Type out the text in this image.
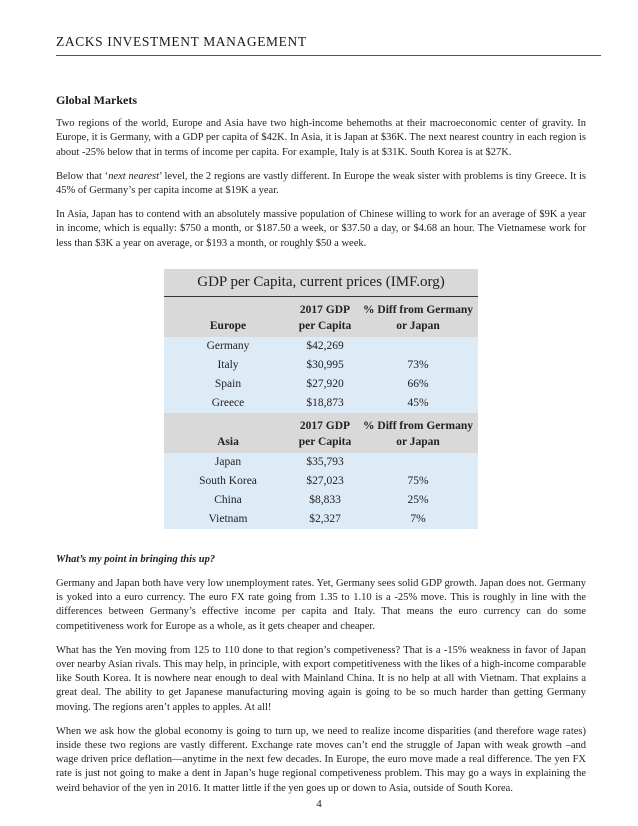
ZACKS INVESTMENT MANAGEMENT
Global Markets

Two regions of the world, Europe and Asia have two high-income behemoths at their macroeconomic center of gravity. In Europe, it is Germany, with a GDP per capita of $42K. In Asia, it is Japan at $36K. The next nearest country in each region is about -25% below that in terms of income per capita. For example, Italy is at $31K. South Korea is at $27K.

Below that ‘next nearest’ level, the 2 regions are vastly different. In Europe the weak sister with problems is tiny Greece. It is 45% of Germany’s per capita income at $19K a year.

In Asia, Japan has to contend with an absolutely massive population of Chinese willing to work for an average of $9K a year in income, which is equally: $750 a month, or $187.50 a week, or $37.50 a day, or $4.68 an hour. The Vietnamese work for less than $3K a year on average, or $193 a month, or roughly $50 a week.

GDP per Capita, current prices (IMF.org)		
Europe	2017 GDP per Capita	% Diff from Germany or Japan
Germany	$42,269	
Italy	$30,995	73%
Spain	$27,920	66%
Greece	$18,873	45%
Asia	2017 GDP per Capita	% Diff from Germany or Japan
Japan	$35,793	
South Korea	$27,023	75%
China	$8,833	25%
Vietnam	$2,327	7%

What’s my point in bringing this up?

Germany and Japan both have very low unemployment rates. Yet, Germany sees solid GDP growth. Japan does not. Germany is yoked into a euro currency. The euro FX rate going from 1.35 to 1.10 is a -25% move. This is roughly in line with the differences between Germany’s effective income per capita and Italy. That means the euro currency can do some competitiveness work for Europe as a whole, as it gets cheaper and cheaper.

What has the Yen moving from 125 to 110 done to that region’s competiveness? That is a -15% weakness in favor of Japan over nearby Asian rivals. This may help, in principle, with export competitiveness with the likes of a high-income comparable like South Korea. It is nowhere near enough to deal with Mainland China. It is no help at all with Vietnam. That explains a great deal. The ability to get Japanese manufacturing moving again is going to be so much harder than getting Germany moving. The regions aren’t apples to apples. At all!

When we ask how the global economy is going to turn up, we need to realize income disparities (and therefore wage rates) inside these two regions are vastly different. Exchange rate moves can’t end the struggle of Japan with weak growth –and wage driven price deflation—anytime in the next few decades. In Europe, the euro move made a real difference. The yen FX rate is just not going to make a dent in Japan’s huge regional competiveness problem. This may go a ways in explaining the weird behavior of the yen in 2016. It matter little if the yen goes up or down to Asia, outside of South Korea.

4
